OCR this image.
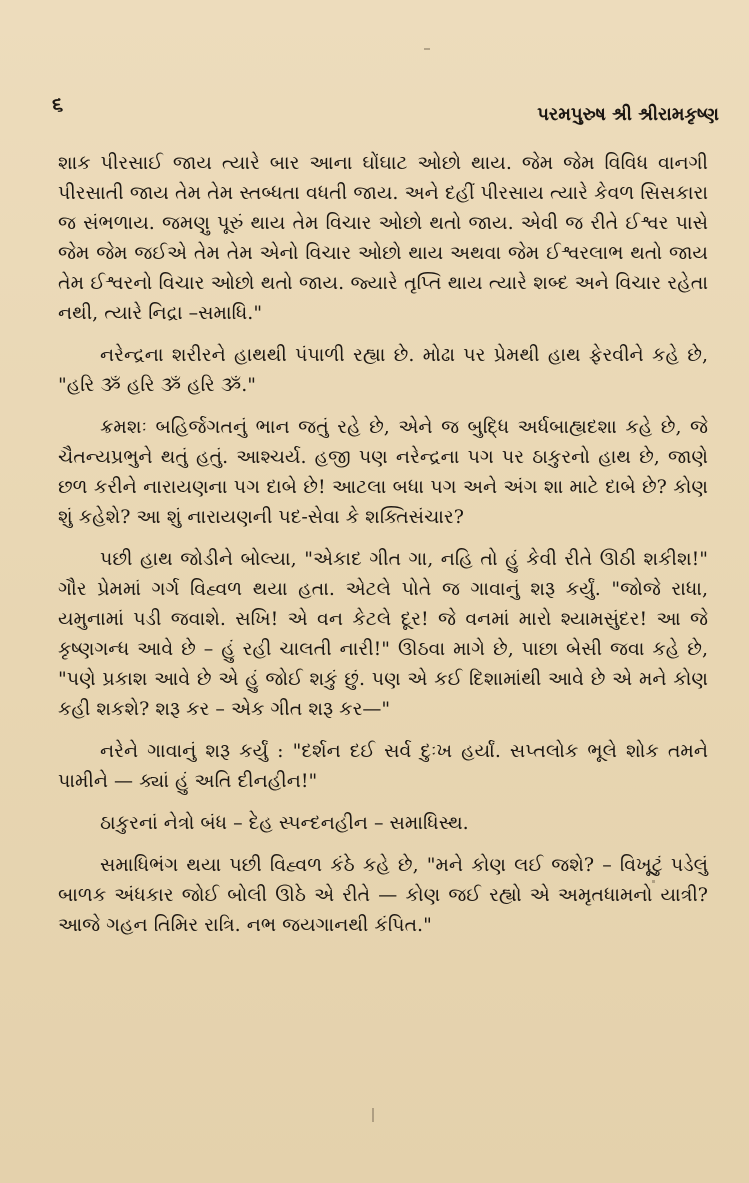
૬	પરમપુરુષ શ્રી શ્રીરામકૃષ્ણ

શાક પીરસાઈ જાય ત્યારે બાર આના ઘોંઘાટ ઓછો થાય. જેમ જેમ વિવિધ વાનગી પીરસાતી જાય તેમ તેમ સ્તબ્ધતા વધતી જાય. અને દહીં પીરસાય ત્યારે કેવળ સિસકારા જ સંભળાય. જમણુ પૂરું થાય તેમ વિચાર ઓછો થતો જાય. એવી જ રીતે ઈશ્વર પાસે જેમ જેમ જઈએ તેમ તેમ એનો વિચાર ઓછો થાય અથવા જેમ ઈશ્વરલાભ થતો જાય તેમ ઈશ્વરનો વિચાર ઓછો થતો જાય. જ્યારે તૃપ્તિ થાય ત્યારે શબ્દ અને વિચાર રહેતા નથી, ત્યારે નિદ્રા –સમાધિ."

નરેન્દ્રના શરીરને હાથથી પંપાળી રહ્યા છે. મોઢા પર પ્રેમથી હાથ ફેરવીને કહે છે, "હરિ ૐ હરિ ૐ હરિ ૐ."

ક્રમશઃ બહિર્જગતનું ભાન જતું રહે છે, એને જ બુદ્ધિ અર્ધબાહ્યદશા કહે છે, જે ચૈતન્યપ્રભુને થતું હતું. આશ્ચર્ય. હજી પણ નરેન્દ્રના પગ પર ઠાકુરનો હાથ છે, જાણે છળ કરીને નારાયણના પગ દાબે છે! આટલા બધા પગ અને અંગ શા માટે દાબે છે? કોણ શું કહેશે? આ શું નારાયણની પદ-સેવા કે શક્તિસંચાર?

પછી હાથ જોડીને બોલ્યા, "એકાદ ગીત ગા, નહિ તો હું કેવી રીતે ઊઠી શકીશ!" ગૌર પ્રેમમાં ગર્ગ વિહ્વળ થયા હતા. એટલે પોતે જ ગાવાનું શરૂ કર્યું. "જોજે રાધા, યમુનામાં પડી જવાશે. સખિ! એ વન કેટલે દૂર! જે વનમાં મારો શ્યામસુંદર! આ જે કૃષ્ણગન્ધ આવે છે – હું રહી ચાલતી નારી!" ઊઠવા માગે છે, પાછા બેસી જવા કહે છે, "પણે પ્રકાશ આવે છે એ હું જોઈ શકું છું. પણ એ કઈ દિશામાંથી આવે છે એ મને કોણ કહી શકશે? શરૂ કર – એક ગીત શરૂ કર—"

નરેને ગાવાનું શરૂ કર્યું : "દર્શન દઈ સર્વ દુઃખ હર્યાં. સપ્તલોક ભૂલે શોક તમને પામીને — ક્યાં હું અતિ દીનહીન!"

ઠાકુરનાં નેત્રો બંધ – દેહ સ્પન્દનહીન – સમાધિસ્થ.

સમાધિભંગ થયા પછી વિહ્વળ કંઠે કહે છે, "મને કોણ લઈ જશે? – વિખૂટું પડેલું બાળક અંધકાર જોઈ બોલી ઊઠે એ રીતે — કોણ જઈ રહ્યો એ અમૃતધામનો યાત્રી? આજે ગહન તિમિર રાત્રિ. નભ જયગાનથી કંપિત."
